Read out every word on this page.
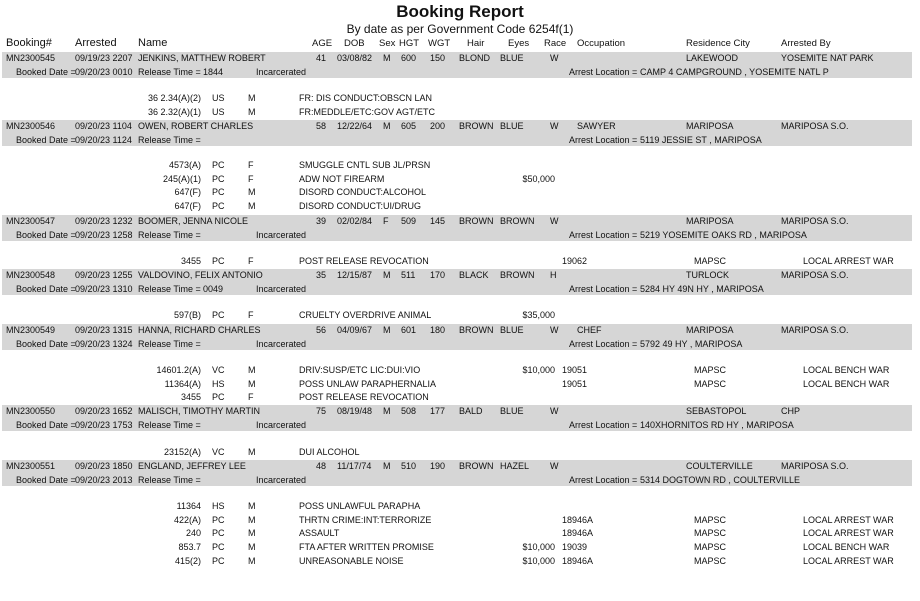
Booking Report
By date as per Government Code 6254f(1)
Booking# Arrested Name	AGE DOB Sex HGT WGT Hair Eyes Race Occupation	Residence City	Arrested By
MN2300545 09/19/23 2207 JENKINS, MATTHEW ROBERT	41 03/08/82 M 600 150 BLOND BLUE	W	LAKEWOOD	YOSEMITE NAT PARK
Booked Date = 09/20/23 0010 Release Time = 1844	Incarcerated	Arrest Location = CAMP 4 CAMPGROUND , YOSEMITE NATL P
36 2.34(A)(2) US	M	FR: DIS CONDUCT:OBSCN LAN
36 2.32(A)(1) US	M	FR:MEDDLE/ETC:GOV AGT/ETC
MN2300546 09/20/23 1104 OWEN, ROBERT CHARLES	58 12/22/64 M 605 200 BROWN BLUE	W SAWYER	MARIPOSA	MARIPOSA S.O.
Booked Date = 09/20/23 1124 Release Time =	Arrest Location = 5119 JESSIE ST , MARIPOSA
4573(A) PC	F	SMUGGLE CNTL SUB JL/PRSN
245(A)(1) PC	F	ADW NOT FIREARM	$50,000
647(F) PC	M	DISORD CONDUCT:ALCOHOL
647(F) PC	M	DISORD CONDUCT:UI/DRUG
MN2300547 09/20/23 1232 BOOMER, JENNA NICOLE	39 02/02/84 F 509 145 BROWN BROWN W	MARIPOSA	MARIPOSA S.O.
Booked Date = 09/20/23 1258 Release Time =	Incarcerated	Arrest Location = 5219 YOSEMITE OAKS RD , MARIPOSA
3455 PC	F	POST RELEASE REVOCATION	19062	MAPSC	LOCAL ARREST WAR
MN2300548 09/20/23 1255 VALDOVINO, FELIX ANTONIO	35 12/15/87 M 511 170 BLACK BROWN H	TURLOCK	MARIPOSA S.O.
Booked Date = 09/20/23 1310 Release Time = 0049	Incarcerated	Arrest Location = 5284 HY 49N HY , MARIPOSA
597(B) PC	F	CRUELTY OVERDRIVE ANIMAL	$35,000
MN2300549 09/20/23 1315 HANNA, RICHARD CHARLES	56 04/09/67 M 601 180 BROWN BLUE	W CHEF	MARIPOSA	MARIPOSA S.O.
Booked Date = 09/20/23 1324 Release Time =	Incarcerated	Arrest Location = 5792 49 HY , MARIPOSA
14601.2(A) VC	M	DRIV:SUSP/ETC LIC:DUI:VIO	$10,000 19051	MAPSC	LOCAL BENCH WAR
11364(A) HS	M	POSS UNLAW PARAPHERNALIA	19051	MAPSC	LOCAL BENCH WAR
3455 PC	F	POST RELEASE REVOCATION
MN2300550 09/20/23 1652 MALISCH, TIMOTHY MARTIN	75 08/19/48 M 508 177 BALD BLUE	W	SEBASTOPOL	CHP
Booked Date = 09/20/23 1753 Release Time =	Incarcerated	Arrest Location = 140XHORNITOS RD HY , MARIPOSA
23152(A) VC	M	DUI ALCOHOL
MN2300551 09/20/23 1850 ENGLAND, JEFFREY LEE	48 11/17/74 M 510 190 BROWN HAZEL W	COULTERVILLE	MARIPOSA S.O.
Booked Date = 09/20/23 2013 Release Time =	Incarcerated	Arrest Location = 5314 DOGTOWN RD , COULTERVILLE
11364 HS	M	POSS UNLAWFUL PARAPHA
422(A) PC	M	THRTN CRIME:INT:TERRORIZE	18946A	MAPSC	LOCAL ARREST WAR
240 PC	M	ASSAULT	18946A	MAPSC	LOCAL ARREST WAR
853.7 PC	M	FTA AFTER WRITTEN PROMISE	$10,000 19039	MAPSC	LOCAL BENCH WAR
415(2) PC	M	UNREASONABLE NOISE	$10,000 18946A	MAPSC	LOCAL ARREST WAR
